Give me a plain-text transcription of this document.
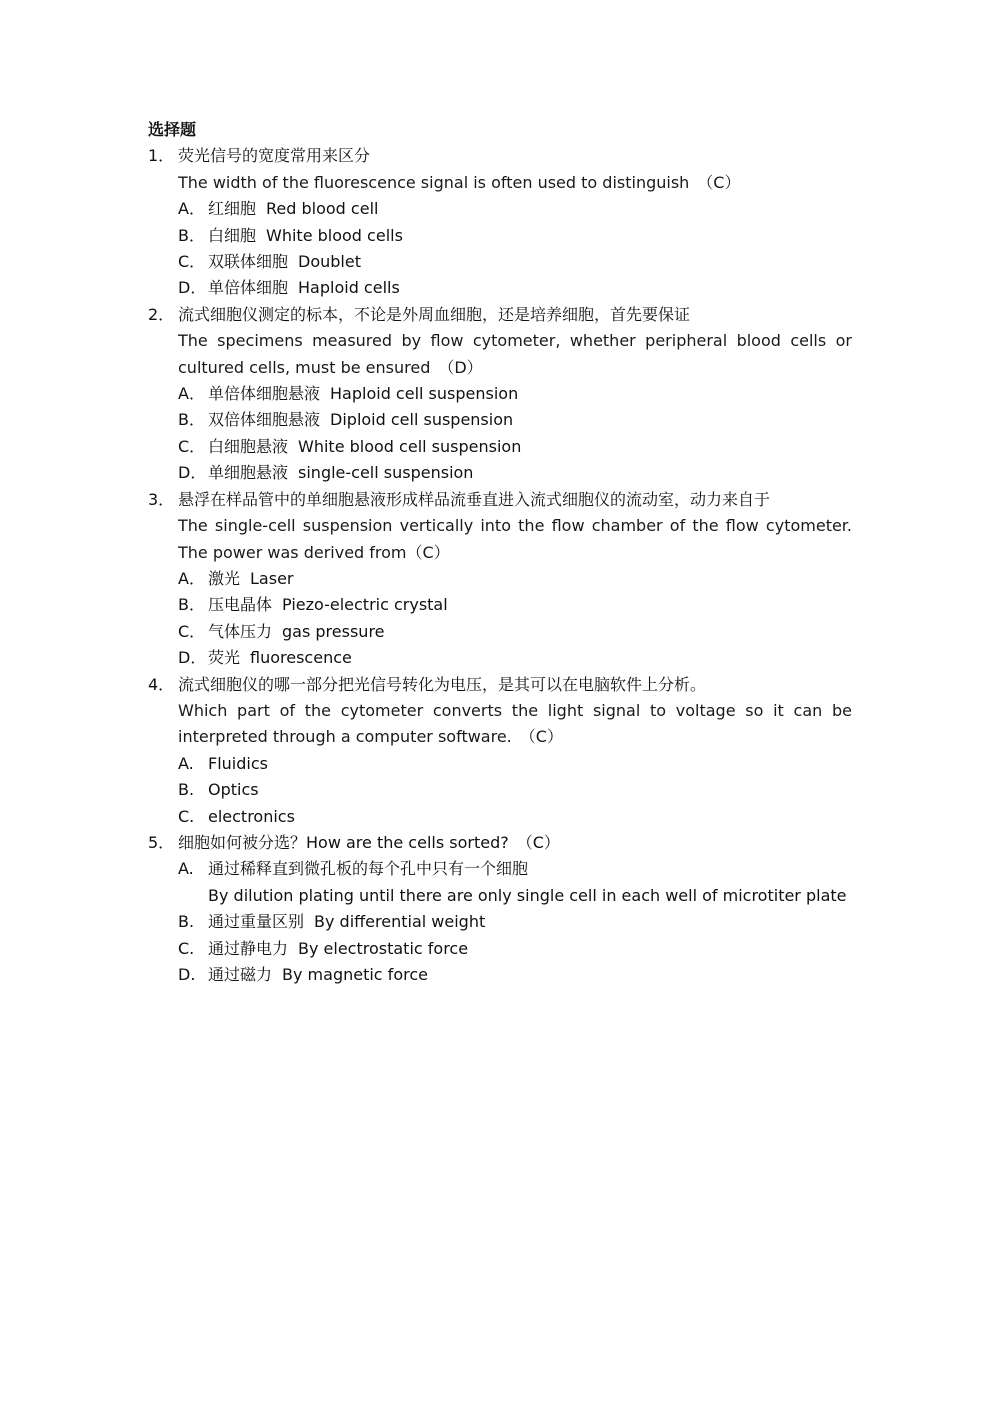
选择题
1． 荧光信号的宽度常用来区分
The width of the fluorescence signal is often used to distinguish （C）
A． 红细胞 Red blood cell
B． 白细胞 White blood cells
C． 双联体细胞 Doublet
D． 单倍体细胞 Haploid cells
2． 流式细胞仪测定的标本，不论是外周血细胞，还是培养细胞，首先要保证
The specimens measured by flow cytometer, whether peripheral blood cells or cultured cells, must be ensured （D）
A． 单倍体细胞悬液 Haploid cell suspension
B． 双倍体细胞悬液 Diploid cell suspension
C． 白细胞悬液 White blood cell suspension
D． 单细胞悬液 single-cell suspension
3． 悬浮在样品管中的单细胞悬液形成样品流垂直进入流式细胞仪的流动室，动力来自于
The single-cell suspension vertically into the flow chamber of the flow cytometer. The power was derived from（C）
A． 激光 Laser
B． 压电晶体 Piezo-electric crystal
C． 气体压力 gas pressure
D． 荧光 fluorescence
4． 流式细胞仪的哪一部分把光信号转化为电压，是其可以在电脑软件上分析。
Which part of the cytometer converts the light signal to voltage so it can be interpreted through a computer software. （C）
A. Fluidics
B. Optics
C. electronics
5． 细胞如何被分选？How are the cells sorted? （C）
A. 通过稀释直到微孔板的每个孔中只有一个细胞
By dilution plating until there are only single cell in each well of microtiter plate
B. 通过重量区别 By differential weight
C. 通过静电力 By electrostatic force
D. 通过磁力 By magnetic force
